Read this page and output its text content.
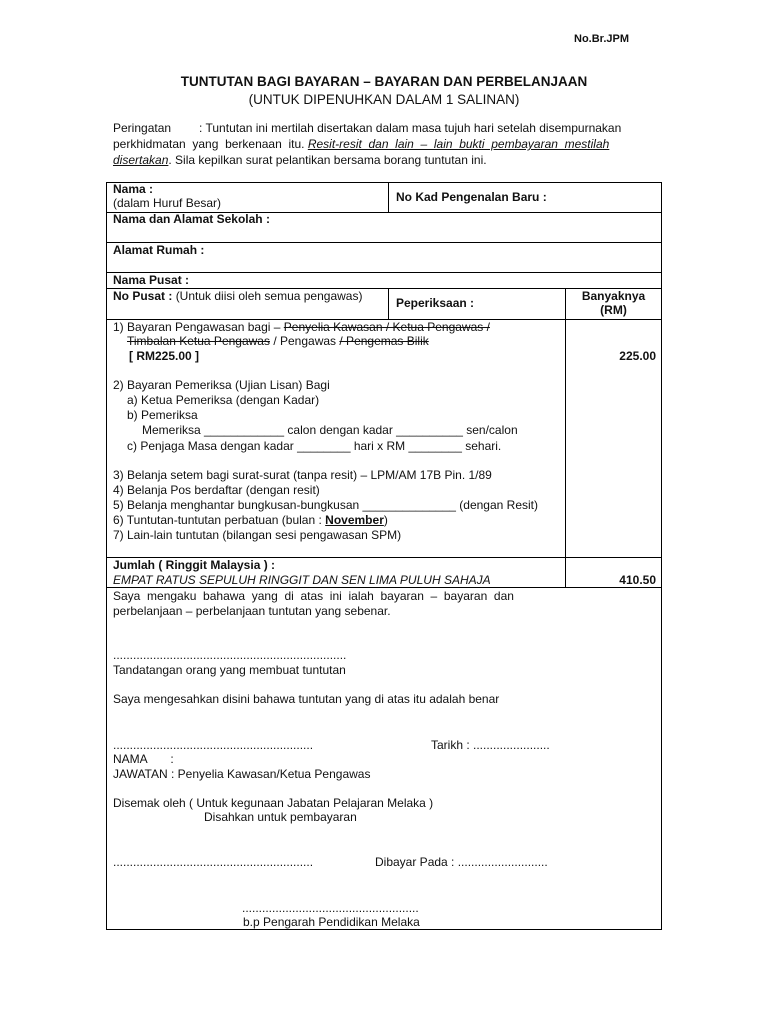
No.Br.JPM
TUNTUTAN BAGI BAYARAN – BAYARAN DAN PERBELANJAAN
(UNTUK DIPENUHKAN DALAM 1 SALINAN)
Peringatan : Tuntutan ini mertilah disertakan dalam masa tujuh hari setelah disempurnakan
perkhidmatan  yang  berkenaan  itu. Resit-resit  dan  lain  –  lain  bukti  pembayaran  mestilah
disertakan. Sila kepilkan surat pelantikan bersama borang tuntutan ini.
Nama :
(dalam Huruf Besar)	No Kad Pengenalan Baru :
Nama dan Alamat Sekolah :
Alamat Rumah :
Nama Pusat :
No Pusat : (Untuk diisi oleh semua pengawas)	Peperiksaan :	Banyaknya
(RM)
1) Bayaran Pengawasan bagi – Penyelia Kawasan / Ketua Pengawas /
Timbalan Ketua Pengawas / Pengawas / Pengemas Bilik
[ RM225.00 ]	225.00
2) Bayaran Pemeriksa (Ujian Lisan) Bagi
a) Ketua Pemeriksa (dengan Kadar)
b) Pemeriksa
Memeriksa ____________ calon dengan kadar __________ sen/calon
c) Penjaga Masa dengan kadar ________ hari x RM ________ sehari.
3) Belanja setem bagi surat-surat (tanpa resit) – LPM/AM 17B Pin. 1/89
4) Belanja Pos berdaftar (dengan resit)
5) Belanja menghantar bungkusan-bungkusan ______________ (dengan Resit)
6) Tuntutan-tuntutan perbatuan (bulan : November)
7) Lain-lain tuntutan (bilangan sesi pengawasan SPM)
Jumlah ( Ringgit Malaysia ) :
EMPAT RATUS SEPULUH RINGGIT DAN SEN LIMA PULUH SAHAJA	410.50
Saya  mengaku  bahawa  yang  di  atas  ini  ialah  bayaran  –  bayaran  dan
perbelanjaan – perbelanjaan tuntutan yang sebenar.
......................................................................
Tandatangan orang yang membuat tuntutan
Saya mengesahkan disini bahawa tuntutan yang di atas itu adalah benar
............................................................	Tarikh : .......................
NAMA       :
JAWATAN : Penyelia Kawasan/Ketua Pengawas
Disemak oleh ( Untuk kegunaan Jabatan Pelajaran Melaka )
Disahkan untuk pembayaran
............................................................	Dibayar Pada : ...........................
.....................................................
b.p Pengarah Pendidikan Melaka
